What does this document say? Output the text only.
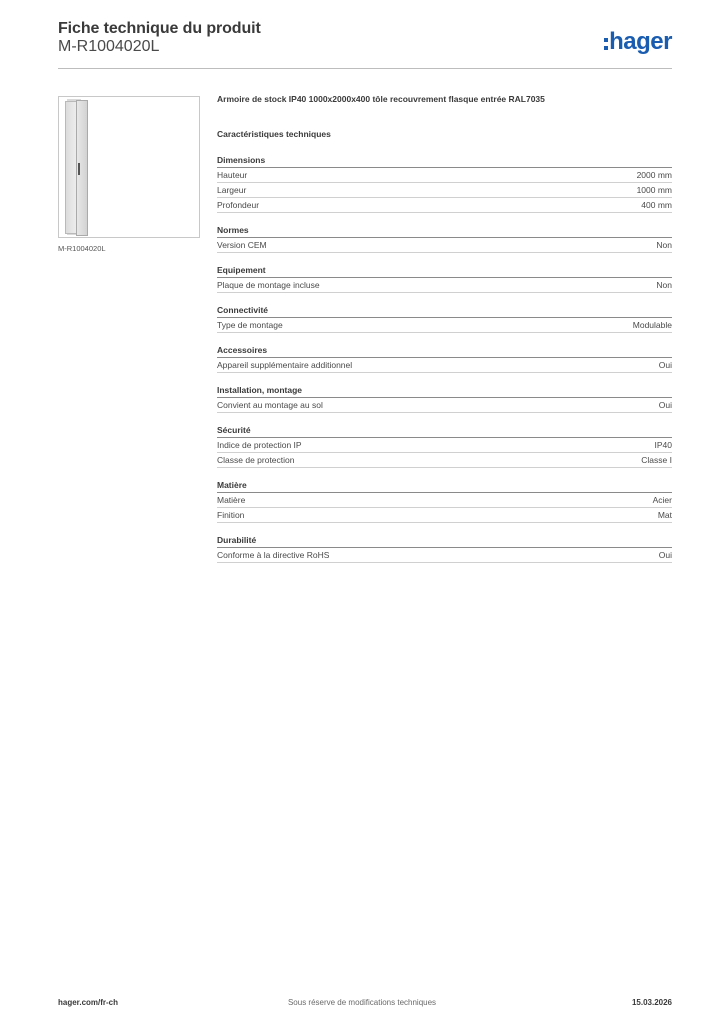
Fiche technique du produit
M-R1004020L	hager
M-R1004020L
Armoire de stock IP40 1000x2000x400 tôle recouvrement flasque entrée RAL7035
Caractéristiques techniques
Dimensions
Hauteur	2000 mm
Largeur	1000 mm
Profondeur	400 mm
Normes
Version CEM	Non
Equipement
Plaque de montage incluse	Non
Connectivité
Type de montage	Modulable
Accessoires
Appareil supplémentaire additionnel	Oui
Installation, montage
Convient au montage au sol	Oui
Sécurité
Indice de protection IP	IP40
Classe de protection	Classe I
Matière
Matière	Acier
Finition	Mat
Durabilité
Conforme à la directive RoHS	Oui
hager.com/fr-ch	Sous réserve de modifications techniques	15.03.2026
